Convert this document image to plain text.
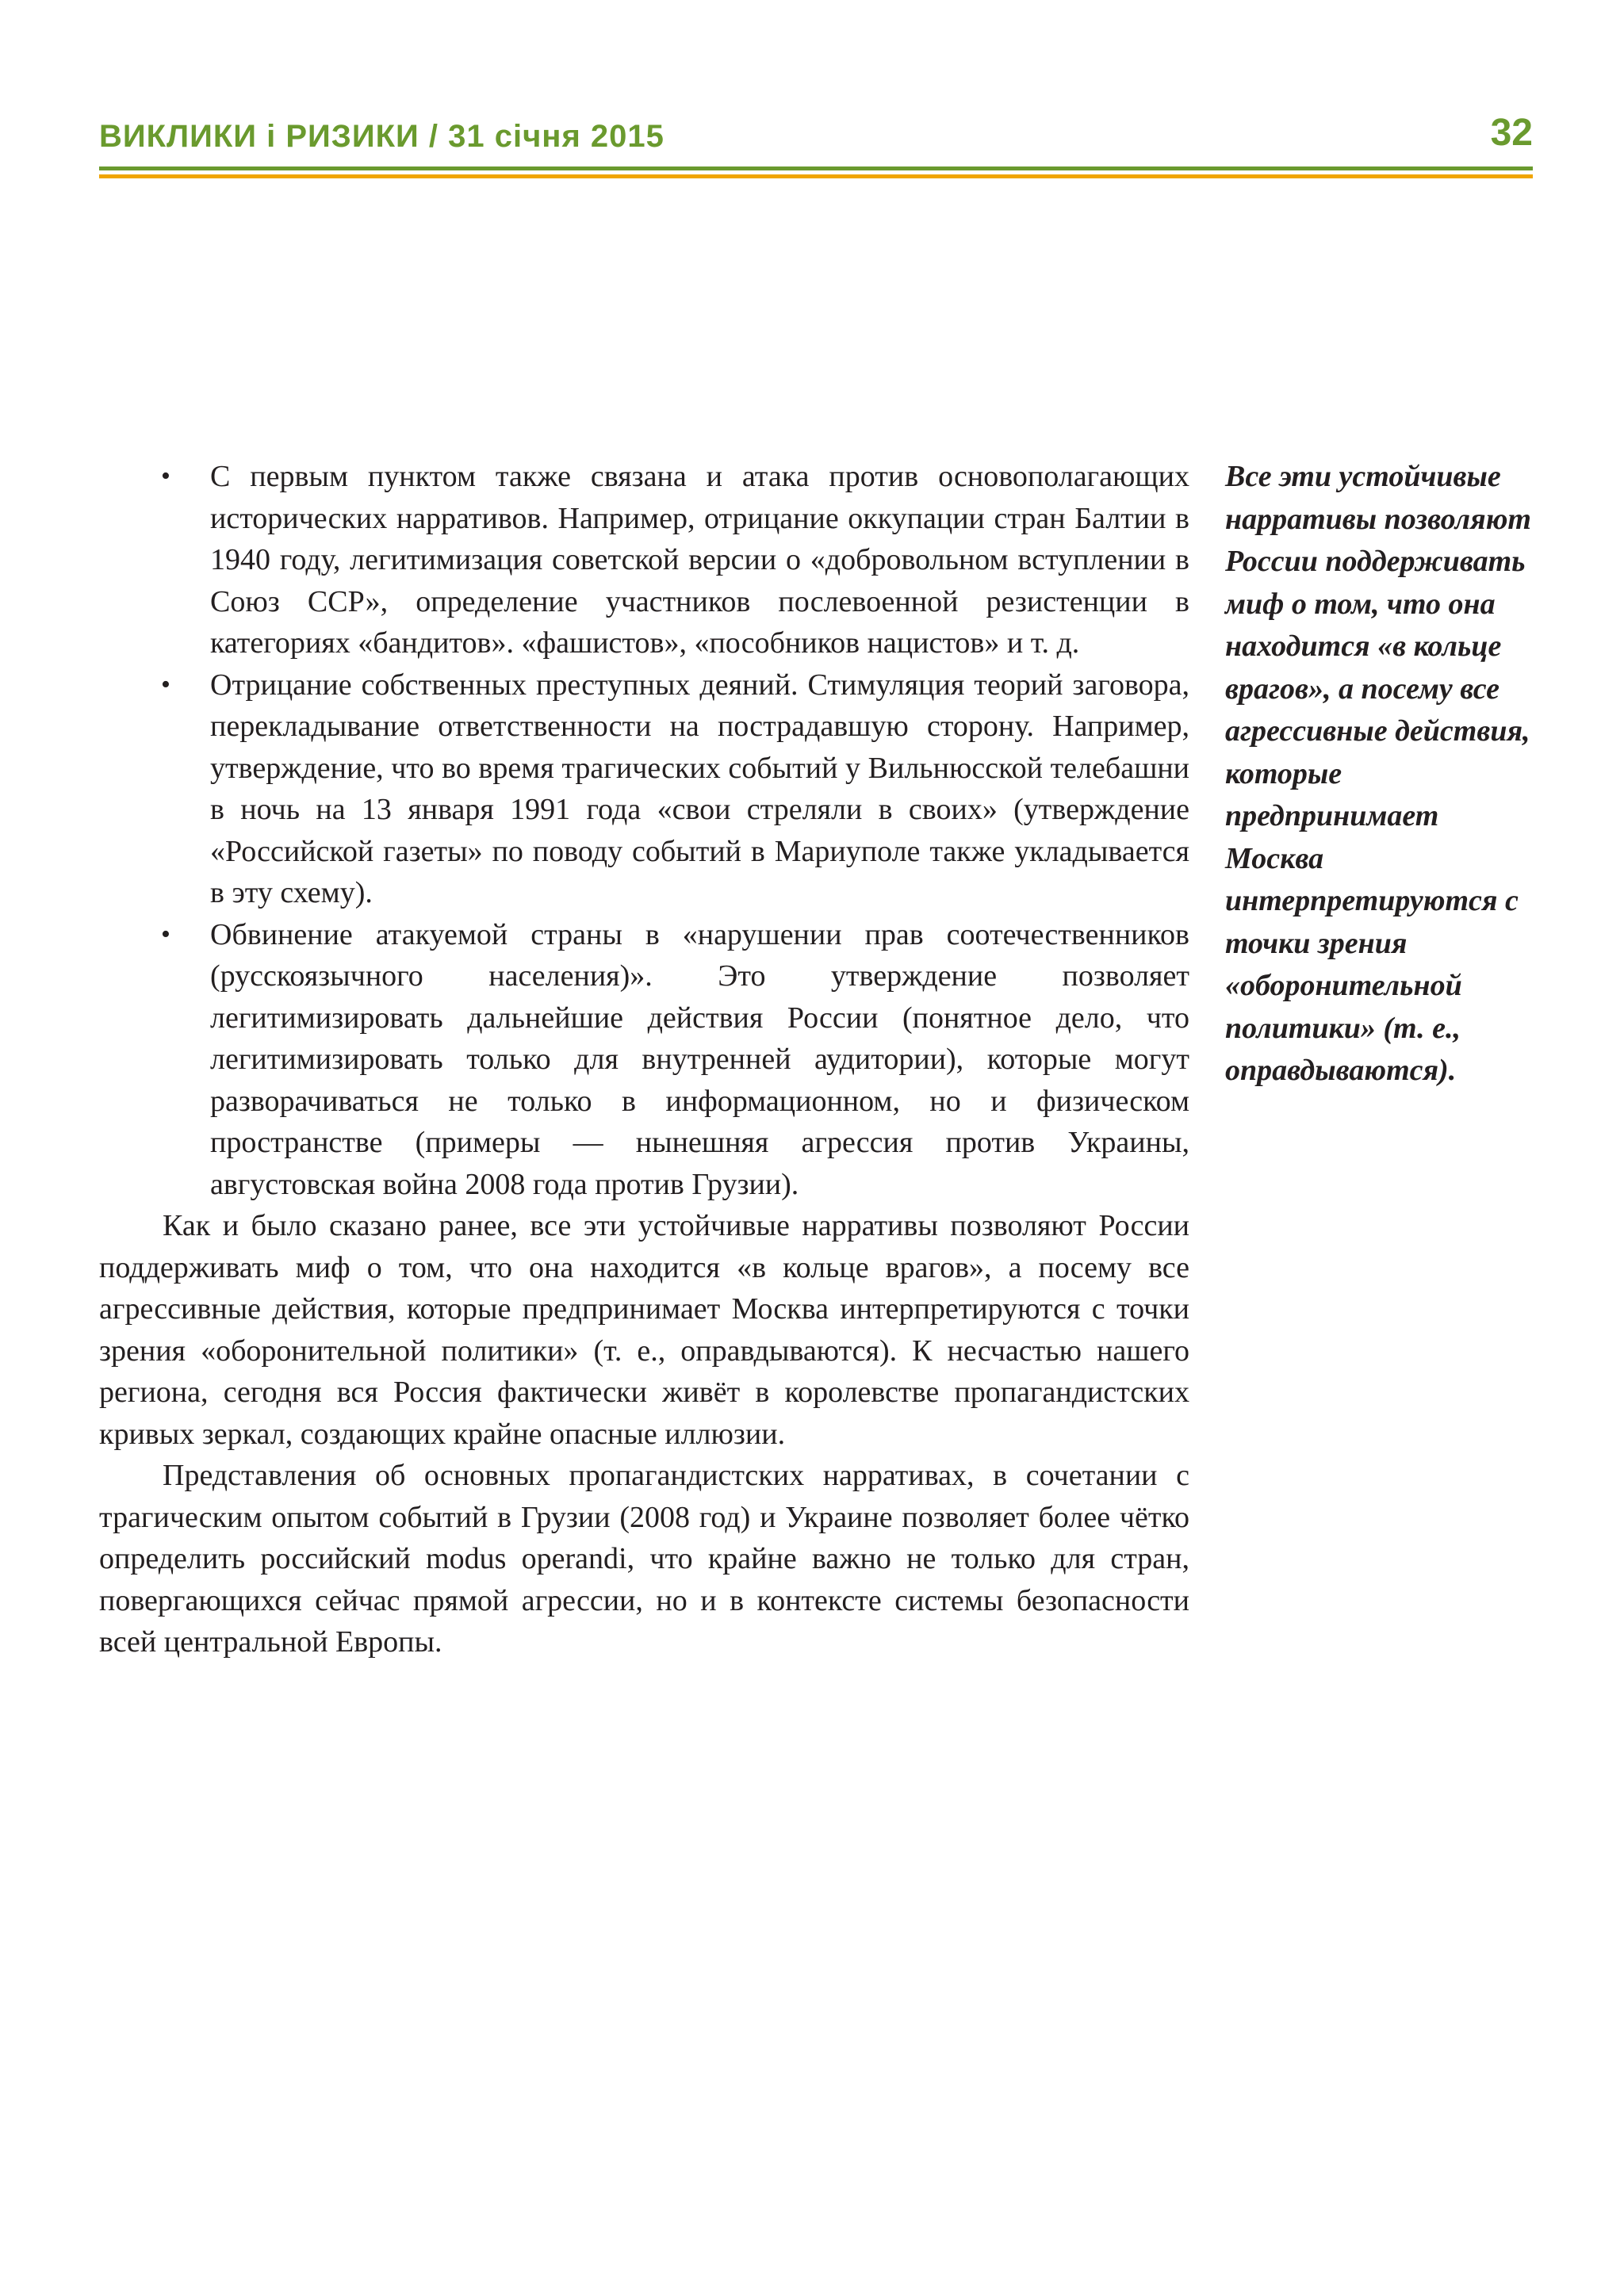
ВИКЛИКИ і РИЗИКИ / 31 січня 2015	32
• С первым пунктом также связана и атака против основополагающих исторических нарративов. Например, отрицание оккупации стран Балтии в 1940 году, легитимизация советской версии о «добровольном вступлении в Союз ССР», определение участников послевоенной резистенции в категориях «бандитов». «фашистов», «пособников нацистов» и т. д.
• Отрицание собственных преступных деяний. Стимуляция теорий заговора, перекладывание ответственности на пострадавшую сторону. Например, утверждение, что во время трагических событий у Вильнюсской телебашни в ночь на 13 января 1991 года «свои стреляли в своих» (утверждение «Российской газеты» по поводу событий в Мариуполе также укладывается в эту схему).
• Обвинение атакуемой страны в «нарушении прав соотечественников (русскоязычного населения)». Это утверждение позволяет легитимизировать дальнейшие действия России (понятное дело, что легитимизировать только для внутренней аудитории), которые могут разворачиваться не только в информационном, но и физическом пространстве (примеры — нынешняя агрессия против Украины, августовская война 2008 года против Грузии).

Как и было сказано ранее, все эти устойчивые нарративы позволяют России поддерживать миф о том, что она находится «в кольце врагов», а посему все агрессивные действия, которые предпринимает Москва интерпретируются с точки зрения «оборонительной политики» (т. е., оправдываются). К несчастью нашего региона, сегодня вся Россия фактически живёт в королевстве пропагандистских кривых зеркал, создающих крайне опасные иллюзии.

Представления об основных пропагандистских нарративах, в сочетании с трагическим опытом событий в Грузии (2008 год) и Украине позволяет более чётко определить российский modus operandi, что крайне важно не только для стран, повергающихся сейчас прямой агрессии, но и в контексте системы безопасности всей центральной Европы.

Все эти устойчивые нарративы позволяют России поддерживать миф о том, что она находится «в кольце врагов», а посему все агрессивные действия, которые предпринимает Москва интерпретируются с точки зрения «оборонительной политики» (т. е., оправдываются).
